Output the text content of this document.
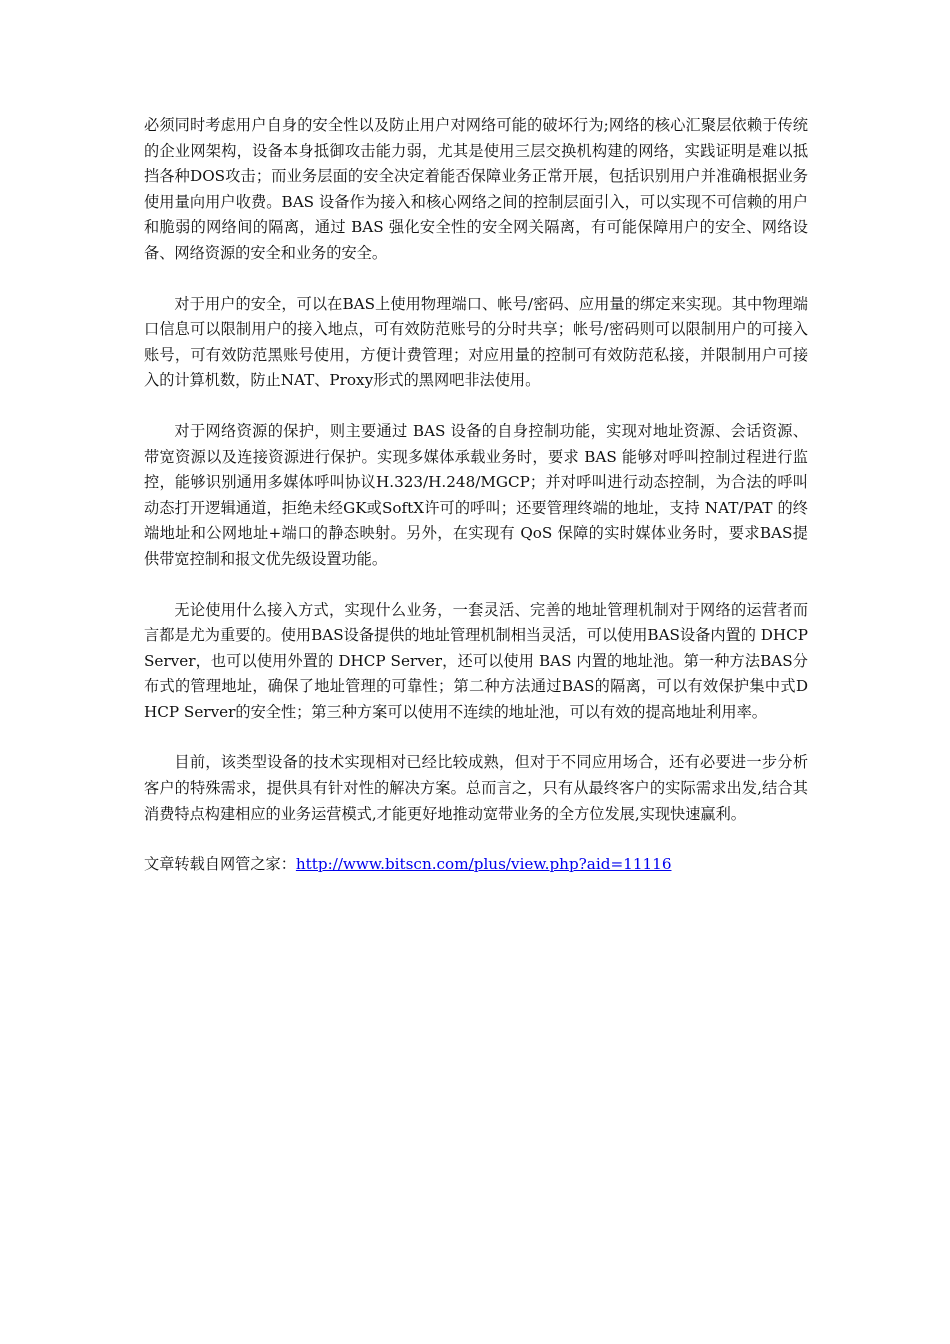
必须同时考虑用户自身的安全性以及防止用户对网络可能的破坏行为;网络的核心汇聚层依赖于传统的企业网架构，设备本身抵御攻击能力弱，尤其是使用三层交换机构建的网络，实践证明是难以抵挡各种DOS攻击；而业务层面的安全决定着能否保障业务正常开展，包括识别用户并准确根据业务使用量向用户收费。BAS 设备作为接入和核心网络之间的控制层面引入，可以实现不可信赖的用户和脆弱的网络间的隔离，通过 BAS 强化安全性的安全网关隔离，有可能保障用户的安全、网络设备、网络资源的安全和业务的安全。

对于用户的安全，可以在BAS上使用物理端口、帐号/密码、应用量的绑定来实现。其中物理端口信息可以限制用户的接入地点，可有效防范账号的分时共享；帐号/密码则可以限制用户的可接入账号，可有效防范黑账号使用，方便计费管理；对应用量的控制可有效防范私接，并限制用户可接入的计算机数，防止NAT、Proxy形式的黑网吧非法使用。

对于网络资源的保护，则主要通过 BAS 设备的自身控制功能，实现对地址资源、会话资源、带宽资源以及连接资源进行保护。实现多媒体承载业务时，要求 BAS 能够对呼叫控制过程进行监控，能够识别通用多媒体呼叫协议H.323/H.248/MGCP；并对呼叫进行动态控制，为合法的呼叫动态打开逻辑通道，拒绝未经GK或SoftX许可的呼叫；还要管理终端的地址，支持 NAT/PAT 的终端地址和公网地址+端口的静态映射。另外，在实现有 QoS 保障的实时媒体业务时，要求BAS提供带宽控制和报文优先级设置功能。

无论使用什么接入方式，实现什么业务，一套灵活、完善的地址管理机制对于网络的运营者而言都是尤为重要的。使用BAS设备提供的地址管理机制相当灵活，可以使用BAS设备内置的 DHCP Server，也可以使用外置的 DHCP Server，还可以使用 BAS 内置的地址池。第一种方法BAS分布式的管理地址，确保了地址管理的可靠性；第二种方法通过BAS的隔离，可以有效保护集中式DHCP Server的安全性；第三种方案可以使用不连续的地址池，可以有效的提高地址利用率。

目前，该类型设备的技术实现相对已经比较成熟，但对于不同应用场合，还有必要进一步分析客户的特殊需求，提供具有针对性的解决方案。总而言之，只有从最终客户的实际需求出发,结合其消费特点构建相应的业务运营模式,才能更好地推动宽带业务的全方位发展,实现快速赢利。

文章转载自网管之家：http://www.bitscn.com/plus/view.php?aid=11116
